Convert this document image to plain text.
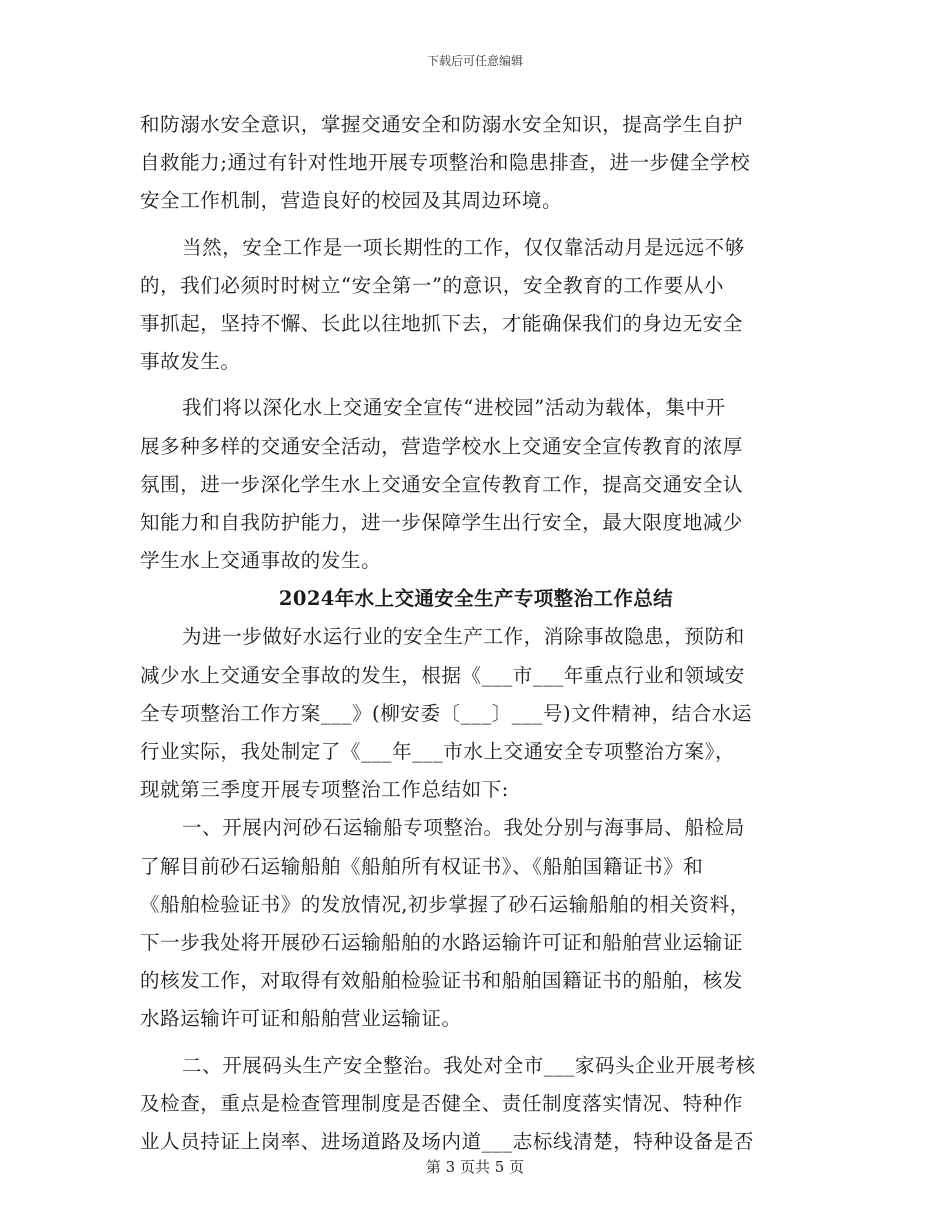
下载后可任意编辑
和防溺水安全意识，掌握交通安全和防溺水安全知识，提高学生自护
自救能力;通过有针对性地开展专项整治和隐患排查，进一步健全学校
安全工作机制，营造良好的校园及其周边环境。
当然，安全工作是一项长期性的工作，仅仅靠活动月是远远不够
的，我们必须时时树立“安全第一”的意识，安全教育的工作要从小
事抓起，坚持不懈、长此以往地抓下去，才能确保我们的身边无安全
事故发生。
我们将以深化水上交通安全宣传“进校园”活动为载体，集中开
展多种多样的交通安全活动，营造学校水上交通安全宣传教育的浓厚
氛围，进一步深化学生水上交通安全宣传教育工作，提高交通安全认
知能力和自我防护能力，进一步保障学生出行安全，最大限度地减少
学生水上交通事故的发生。
2024年水上交通安全生产专项整治工作总结
为进一步做好水运行业的安全生产工作，消除事故隐患，预防和
减少水上交通安全事故的发生，根据《___市___年重点行业和领域安
全专项整治工作方案___》(柳安委〔___〕___号)文件精神，结合水运
行业实际，我处制定了《___年___市水上交通安全专项整治方案》，
现就第三季度开展专项整治工作总结如下:
一、开展内河砂石运输船专项整治。我处分别与海事局、船检局
了解目前砂石运输船舶《船舶所有权证书》、《船舶国籍证书》和
《船舶检验证书》的发放情况,初步掌握了砂石运输船舶的相关资料，
下一步我处将开展砂石运输船舶的水路运输许可证和船舶营业运输证
的核发工作，对取得有效船舶检验证书和船舶国籍证书的船舶，核发
水路运输许可证和船舶营业运输证。
二、开展码头生产安全整治。我处对全市___家码头企业开展考核
及检查，重点是检查管理制度是否健全、责任制度落实情况、特种作
业人员持证上岗率、进场道路及场内道___志标线清楚，特种设备是否
第 3 页共 5 页
